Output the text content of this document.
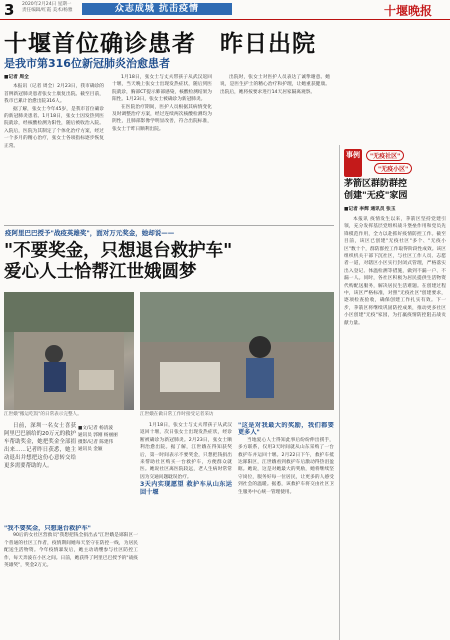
3 2020年2月24日 星期一
责任编辑/红霞 美术/杨雅	众志成城 抗击疫情	十堰晚报
十堰首位确诊患者　昨日出院
是我市第316位新冠肺炎治愈患者
■记者 周全

本报讯（记者 周全）2月23日，我市确诊的首例新冠肺炎患者张女士康复出院。截至目前，我市已累计治愈出院316人。

据了解，张女士今年45岁，是我市首位确诊的新冠肺炎患者。1月18日，张女士因发热到医院就诊，经核酸检测为阳性，随后被收治入院。入院后，医院为其制定了个体化治疗方案，经过一个多月的精心治疗，张女士各项指标逐步恢复正常。

1月18日，张女士与丈夫带孩子从武汉返回十堰，当天晚上张女士出现发热症状，随后到医院就诊，胸部CT提示肺部感染，核酸检测结果为阳性。1月23日，张女士被确诊为新冠肺炎。

在医院治疗期间，医护人员根据其病情变化及时调整治疗方案，经过连续两次核酸检测均为阴性，且肺部影像学明显改善，符合出院标准，张女士于昨日顺利出院。

出院时，张女士对医护人员表达了诚挚谢意。她说，是医生护士的精心治疗和护理，让她重获健康。出院后，她将按要求进行14天居家隔离观察。

疫阿里巴巴授予"战疫英雄奖"，面对万元奖金，她却说——
"不要奖金，只想退台救护车"
爱心人士恰帮江世娥圆梦
江世娥"搬运吃饭"的日常表示完整人。	江世娥在做日常工作时接受记者采访

日前，深圳一名女士喜获阿里巴巴颁给的20万元的救护车帮助奖金，她把奖金全部捐出来……记者昨日获悉，她主动退出并想把这份心意转交给更多需要帮助的人。

■文/记者 杨清波
通讯员 郭刚 杨丽丽
摄影/记者 陈建伟
通讯员 金颖

"我不要奖金，只想退台救护车"

90后的女社区营救员"我想把钱全捐出去"江世娥是郧阳区一个普通的社区工作者，疫情期间她每天坚守在防控一线，为居民配送生活物资。今年疫情暴发后，她主动请缨参与社区防控工作，每天奔波在小区之间。日前，她获得了阿里巴巴授予的"战疫英雄奖"，奖金2万元。

1月18日，张女士与丈夫带孩子从武汉返回十堰，次日张女士出现发热症状，经诊断被确诊为新冠肺炎。2月23日，张女士顺利治愈出院。据了解，江世娥在得知获奖后，第一时间表示不要奖金，只想把钱捐出来帮助社区购买一台救护车，方便群众就医。她说社区离医院较远，老人生病时常常因为交通问题耽误治疗。

3天内实现愿望 救护车从山东运回十堰

"这是对我最大的奖励，我们都要更多人"

当地爱心人士得知此事后纷纷伸出援手，多方联系，仅用3天时间就从山东采购了一台救护车并运回十堰。2月22日下午，救护车抵达郧阳区，江世娥看到救护车后激动得热泪盈眶。她说，这是对她最大的奖励，她将继续坚守岗位，服务好每一位居民，让更多的人感受到社会的温暖。据悉，该救护车将交由社区卫生服务中心统一管理使用。

事例	"无疫社区"
"无疫小区"
茅箭区群防群控
创建"无疫"家园
■记者 李辉 通讯员 张玉

本报讯 疫情发生以来，茅箭区坚持党建引领，充分发挥基层党组织战斗堡垒作用和党员先锋模范作用，全力以赴抓好疫情防控工作。截至目前，该区已创建"无疫社区"多个、"无疫小区"数十个，群防群控工作取得阶段性成效。该区组织机关干部下沉社区，与社区工作人员、志愿者一道，对辖区小区实行封闭式管理，严格落实出入登记、体温检测等措施，做到不漏一户、不漏一人。同时，各社区积极为居民提供生活物资代购配送服务，解决居民生活难题。在创建过程中，该区严格标准，对照"无疫社区"创建要求，逐项检查验收，确保创建工作扎实有效。下一步，茅箭区将继续巩固防控成果，推动更多社区小区创建"无疫"家园，为打赢疫情防控阻击战贡献力量。
